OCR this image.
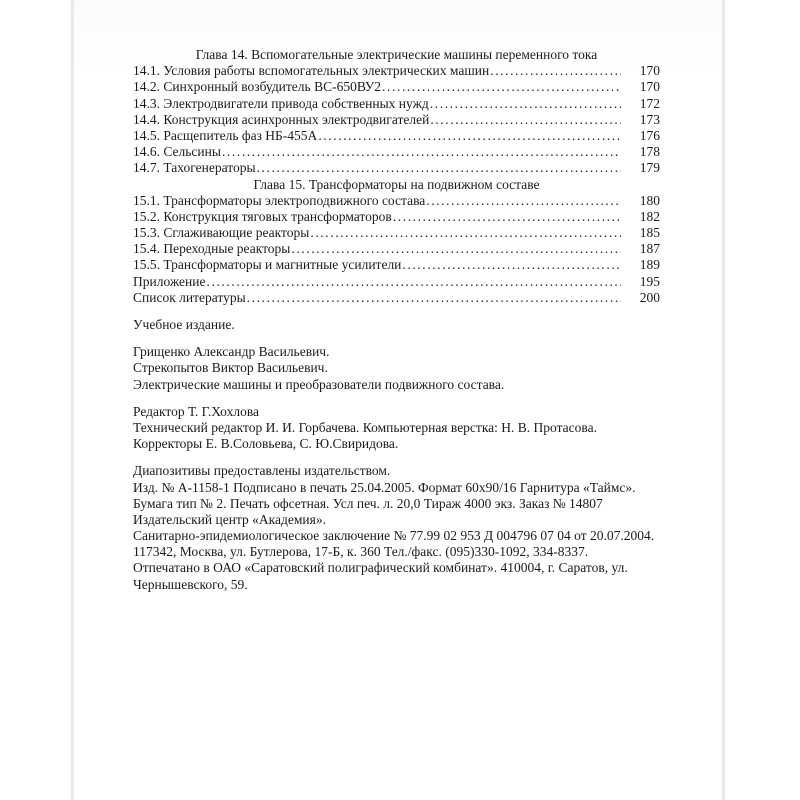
Глава 14. Вспомогательные электрические машины переменного тока
14.1. Условия работы вспомогательных электрических машин .....	170
14.2. Синхронный возбудитель ВС-650ВУ2 .....	170
14.3. Электродвигатели привода собственных нужд .....	172
14.4. Конструкция асинхронных электродвигателей .....	173
14.5. Расщепитель фаз НБ-455А .....	176
14.6. Сельсины .....	178
14.7. Тахогенераторы .....	179
Глава 15. Трансформаторы на подвижном составе
15.1. Трансформаторы электроподвижного состава .....	180
15.2. Конструкция тяговых трансформаторов .....	182
15.3. Сглаживающие реакторы .....	185
15.4. Переходные реакторы .....	187
15.5. Трансформаторы и магнитные усилители .....	189
Приложение .....	195
Список литературы .....	200
Учебное издание.
Грищенко Александр Васильевич.
Стрекопытов Виктор Васильевич.
Электрические машины и преобразователи подвижного состава.
Редактор Т. Г.Хохлова
Технический редактор И. И. Горбачева. Компьютерная верстка: Н. В. Протасова.
Корректоры Е. В.Соловьева, С. Ю.Свиридова.
Диапозитивы предоставлены издательством.
Изд. № А-1158-1 Подписано в печать 25.04.2005. Формат 60х90/16 Гарнитура «Таймс».
Бумага тип № 2. Печать офсетная. Усл печ. л. 20,0 Тираж 4000 экз. Заказ № 14807
Издательский центр «Академия».
Санитарно-эпидемиологическое заключение № 77.99 02 953 Д 004796 07 04 от 20.07.2004.
117342, Москва, ул. Бутлерова, 17-Б, к. 360 Тел./факс. (095)330-1092, 334-8337.
Отпечатано в ОАО «Саратовский полиграфический комбинат». 410004, г. Саратов, ул.
Чернышевского, 59.
